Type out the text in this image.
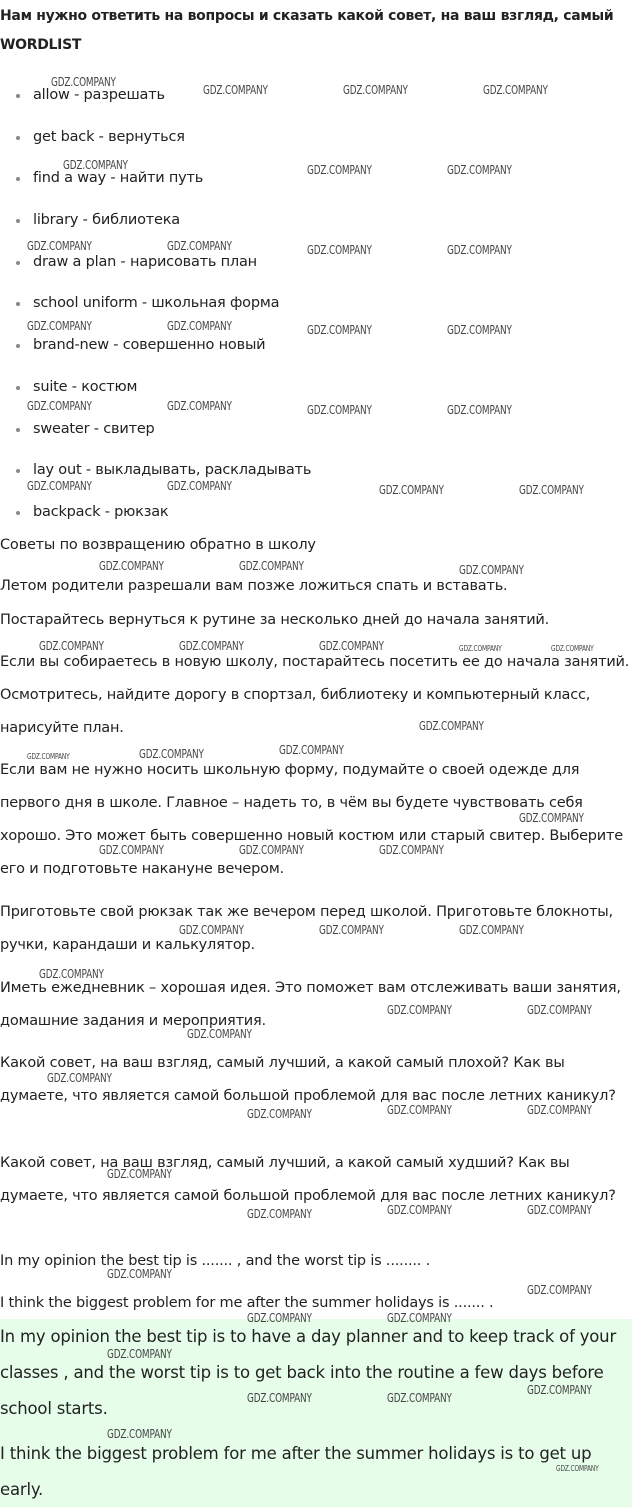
Нам нужно ответить на вопросы и сказать какой совет, на ваш взгляд, самый
WORDLIST
allow - разрешать
get back - вернуться
find a way - найти путь
library - библиотека
draw a plan - нарисовать план
school uniform - школьная форма
brand-new - совершенно новый
suite - костюм
sweater - свитер
lay out - выкладывать, раскладывать
backpack - рюкзак
Советы по возвращению обратно в школу
Летом родители разрешали вам позже ложиться спать и вставать.
Постарайтесь вернуться к рутине за несколько дней до начала занятий.
Если вы собираетесь в новую школу, постарайтесь посетить ее до начала занятий. Осмотритесь, найдите дорогу в спортзал, библиотеку и компьютерный класс, нарисуйте план.
Если вам не нужно носить школьную форму, подумайте о своей одежде для первого дня в школе. Главное – надеть то, в чём вы будете чувствовать себя хорошо. Это может быть совершенно новый костюм или старый свитер. Выберите его и подготовьте накануне вечером.
Приготовьте свой рюкзак так же вечером перед школой. Приготовьте блокноты, ручки, карандаши и калькулятор.
Иметь ежедневник – хорошая идея. Это поможет вам отслеживать ваши занятия, домашние задания и мероприятия.
Какой совет, на ваш взгляд, самый лучший, а какой самый плохой? Как вы думаете, что является самой большой проблемой для вас после летних каникул?
Какой совет, на ваш взгляд, самый лучший, а какой самый худший? Как вы думаете, что является самой большой проблемой для вас после летних каникул?
In my opinion the best tip is ....... , and the worst tip is ........ .
I think the biggest problem for me after the summer holidays is ....... .
In my opinion the best tip is to have a day planner and to keep track of your classes , and the worst tip is to get back into the routine a few days before school starts.
I think the biggest problem for me after the summer holidays is to get up early.
GDZ.COMPANY
GDZ.COMPANY	GDZ.COMPANY	GDZ.COMPANY
GDZ.COMPANY	GDZ.COMPANY	GDZ.COMPANY
GDZ.COMPANY	GDZ.COMPANY	GDZ.COMPANY	GDZ.COMPANY
GDZ.COMPANY	GDZ.COMPANY	GDZ.COMPANY	GDZ.COMPANY
GDZ.COMPANY	GDZ.COMPANY	GDZ.COMPANY	GDZ.COMPANY
GDZ.COMPANY	GDZ.COMPANY	GDZ.COMPANY	GDZ.COMPANY
GDZ.COMPANY	GDZ.COMPANY	GDZ.COMPANY
GDZ.COMPANY	GDZ.COMPANY	GDZ.COMPANY	GDZ.COMPANY	GDZ.COMPANY
GDZ.COMPANY
GDZ.COMPANY	GDZ.COMPANY	GDZ.COMPANY
GDZ.COMPANY
GDZ.COMPANY	GDZ.COMPANY	GDZ.COMPANY
GDZ.COMPANY	GDZ.COMPANY	GDZ.COMPANY
GDZ.COMPANY
GDZ.COMPANY	GDZ.COMPANY
GDZ.COMPANY
GDZ.COMPANY
GDZ.COMPANY	GDZ.COMPANY	GDZ.COMPANY
GDZ.COMPANY
GDZ.COMPANY	GDZ.COMPANY	GDZ.COMPANY
GDZ.COMPANY
GDZ.COMPANY
GDZ.COMPANY	GDZ.COMPANY
GDZ.COMPANY
GDZ.COMPANY
GDZ.COMPANY	GDZ.COMPANY
GDZ.COMPANY
GDZ.COMPANY
